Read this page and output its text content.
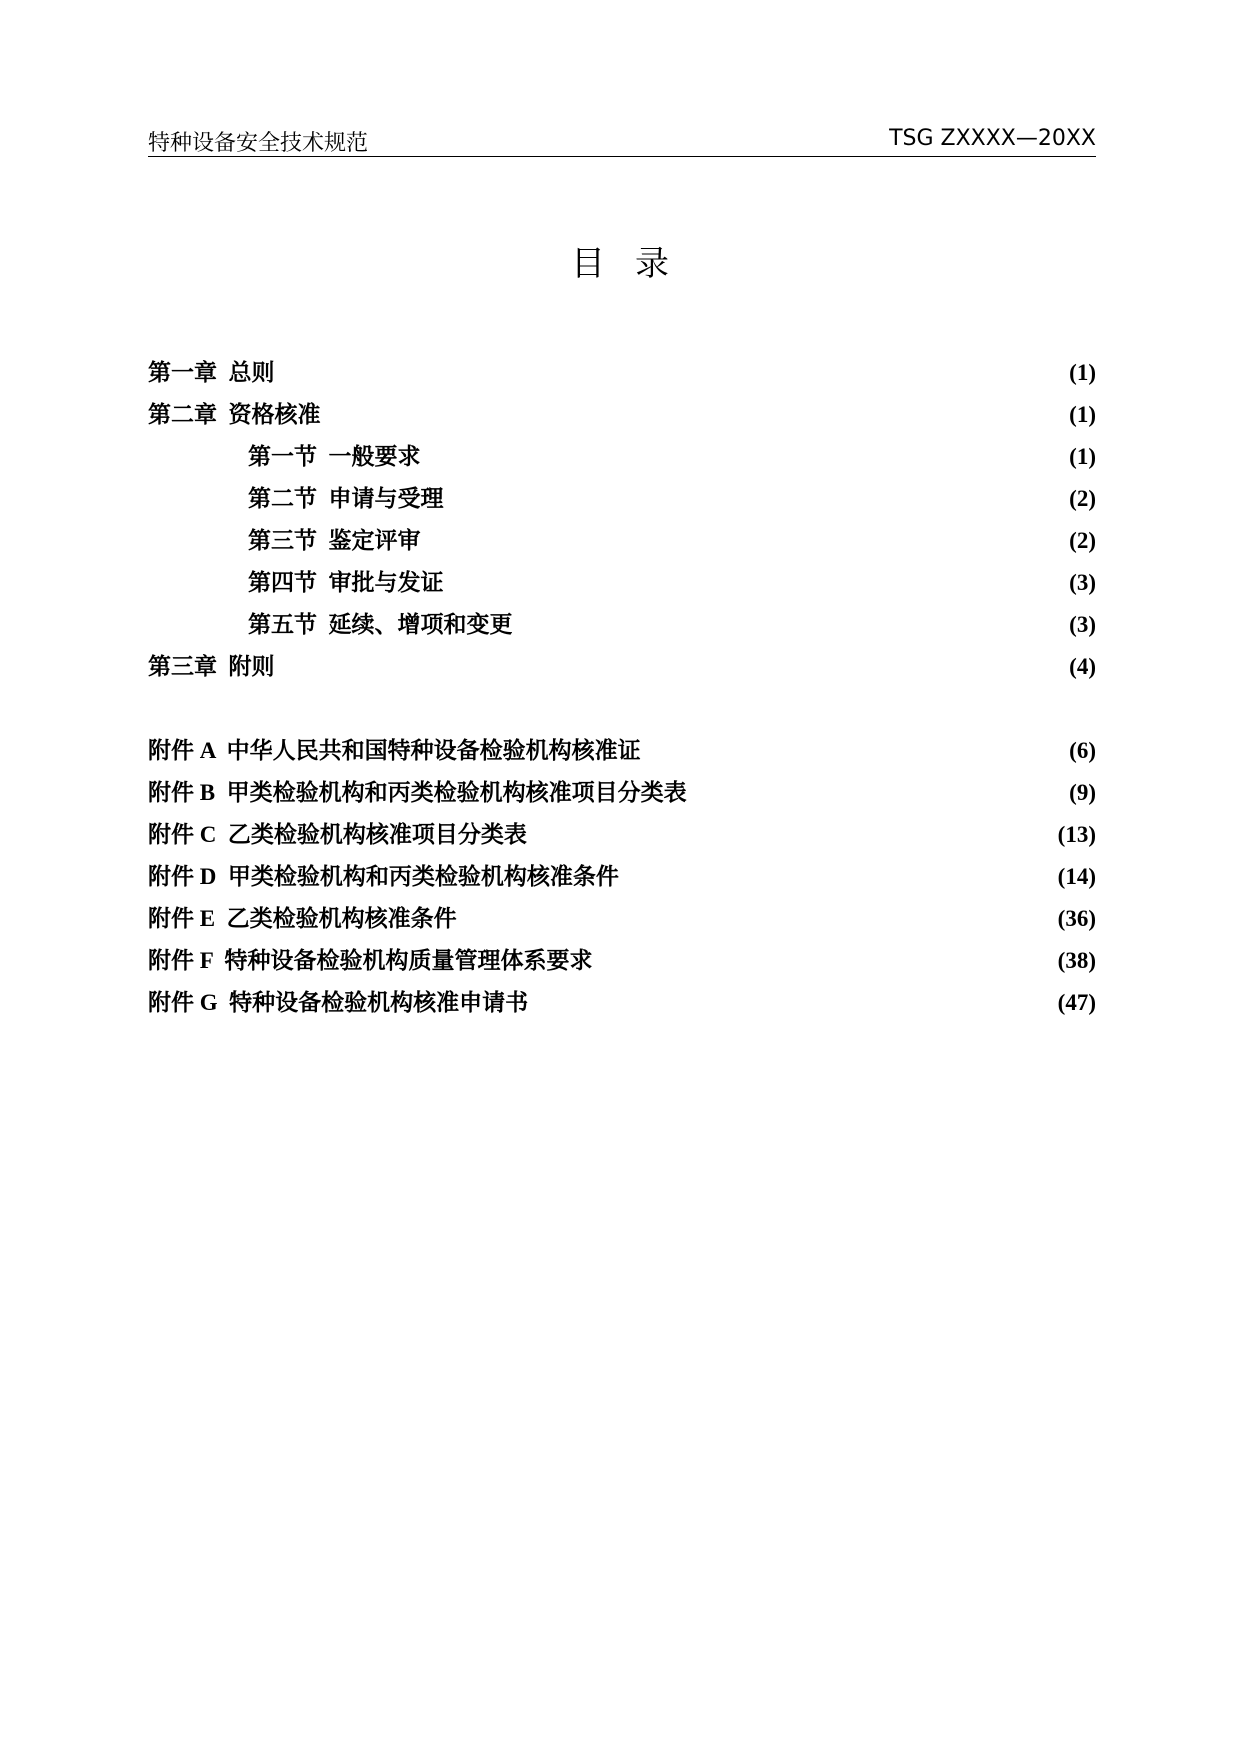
特种设备安全技术规范	TSG ZXXXX—20XX
目录
第一章  总则	(1)
第二章  资格核准	(1)
第一节  一般要求	(1)
第二节  申请与受理	(2)
第三节  鉴定评审	(2)
第四节  审批与发证	(3)
第五节  延续、增项和变更	(3)
第三章  附则	(4)
附件 A  中华人民共和国特种设备检验机构核准证	(6)
附件 B  甲类检验机构和丙类检验机构核准项目分类表	(9)
附件 C  乙类检验机构核准项目分类表	(13)
附件 D  甲类检验机构和丙类检验机构核准条件	(14)
附件 E  乙类检验机构核准条件	(36)
附件 F  特种设备检验机构质量管理体系要求	(38)
附件 G  特种设备检验机构核准申请书	(47)
